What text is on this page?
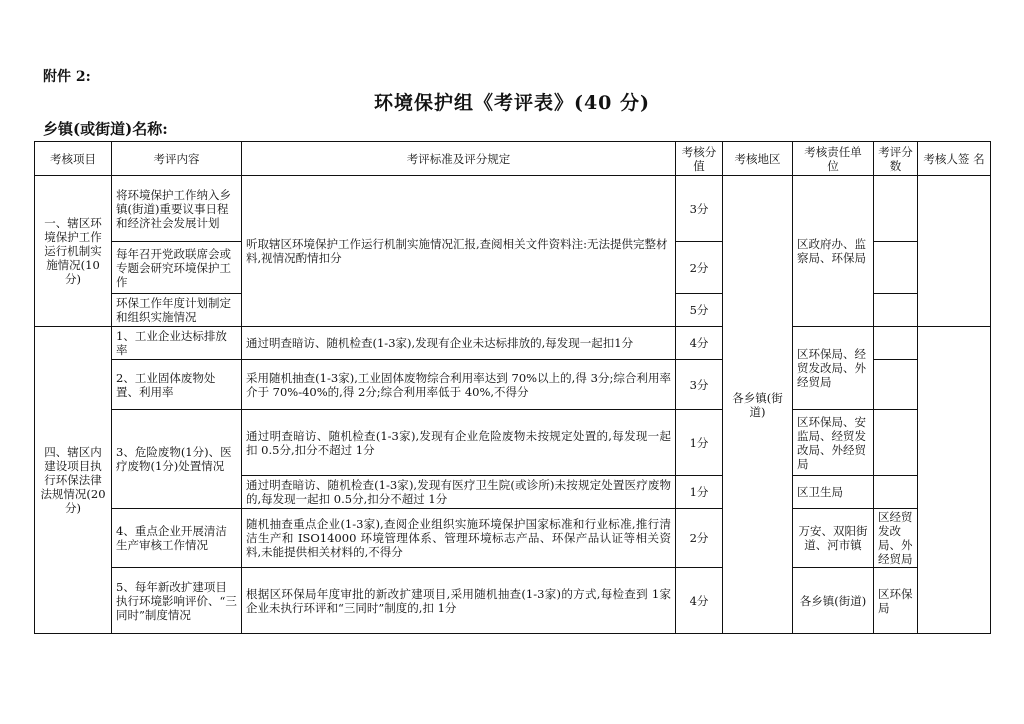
附件 2:
环境保护组《考评表》(40 分)
乡镇(或街道)名称:
考核项目	考评内容	考评标准及评分规定	考核分值	考核地区	考核责任单 位	考评分数	考核人签 名	
一、辖区环境保护工作运行机制实施情况(10分)	将环境保护工作纳入乡镇(街道)重要议事日程和经济社会发展计划	听取辖区环境保护工作运行机制实施情况汇报,查阅相关文件资料注:无法提供完整材料,视情况酌情扣分	3分	各乡镇(街道)	区政府办、监察局、环保局			
	每年召开党政联席会或专题会研究环境保护工作		2分					
	环保工作年度计划制定和组织实施情况		5分					
四、辖区内建设项目执行环保法律法规情况(20分)	1、工业企业达标排放率	通过明查暗访、随机检查(1-3家),发现有企业未达标排放的,每发现一起扣1分	4分		区环保局、经贸发改局、外经贸局			
	2、工业固体废物处置、利用率	采用随机抽查(1-3家),工业固体废物综合利用率达到 70%以上的,得 3分;综合利用率介于 70%-40%的,得 2分;综合利用率低于 40%,不得分	3分					
	3、危险废物(1分)、医疗废物(1分)处置情况	通过明查暗访、随机检查(1-3家),发现有企业危险废物未按规定处置的,每发现一起扣 0.5分,扣分不超过 1分	1分		区环保局、安监局、经贸发改局、外经贸局			
		通过明查暗访、随机检查(1-3家),发现有医疗卫生院(或诊所)未按规定处置医疗废物的,每发现一起扣 0.5分,扣分不超过 1分	1分		区卫生局			
	4、重点企业开展清洁生产审核工作情况	随机抽查重点企业(1-3家),查阅企业组织实施环境保护国家标准和行业标准,推行清洁生产和 ISO14000 环境管理体系、管理环境标志产品、环保产品认证等相关资料,未能提供相关材料的,不得分	2分		万安、双阳街道、河市镇	区经贸发改局、外经贸局		
	5、每年新改扩建项目执行环境影响评价、“三同时”制度情况	根据区环保局年度审批的新改扩建项目,采用随机抽查(1-3家)的方式,每检查到 1家企业未执行环评和“三同时”制度的,扣 1分	4分		各乡镇(街道)	区环保局		
